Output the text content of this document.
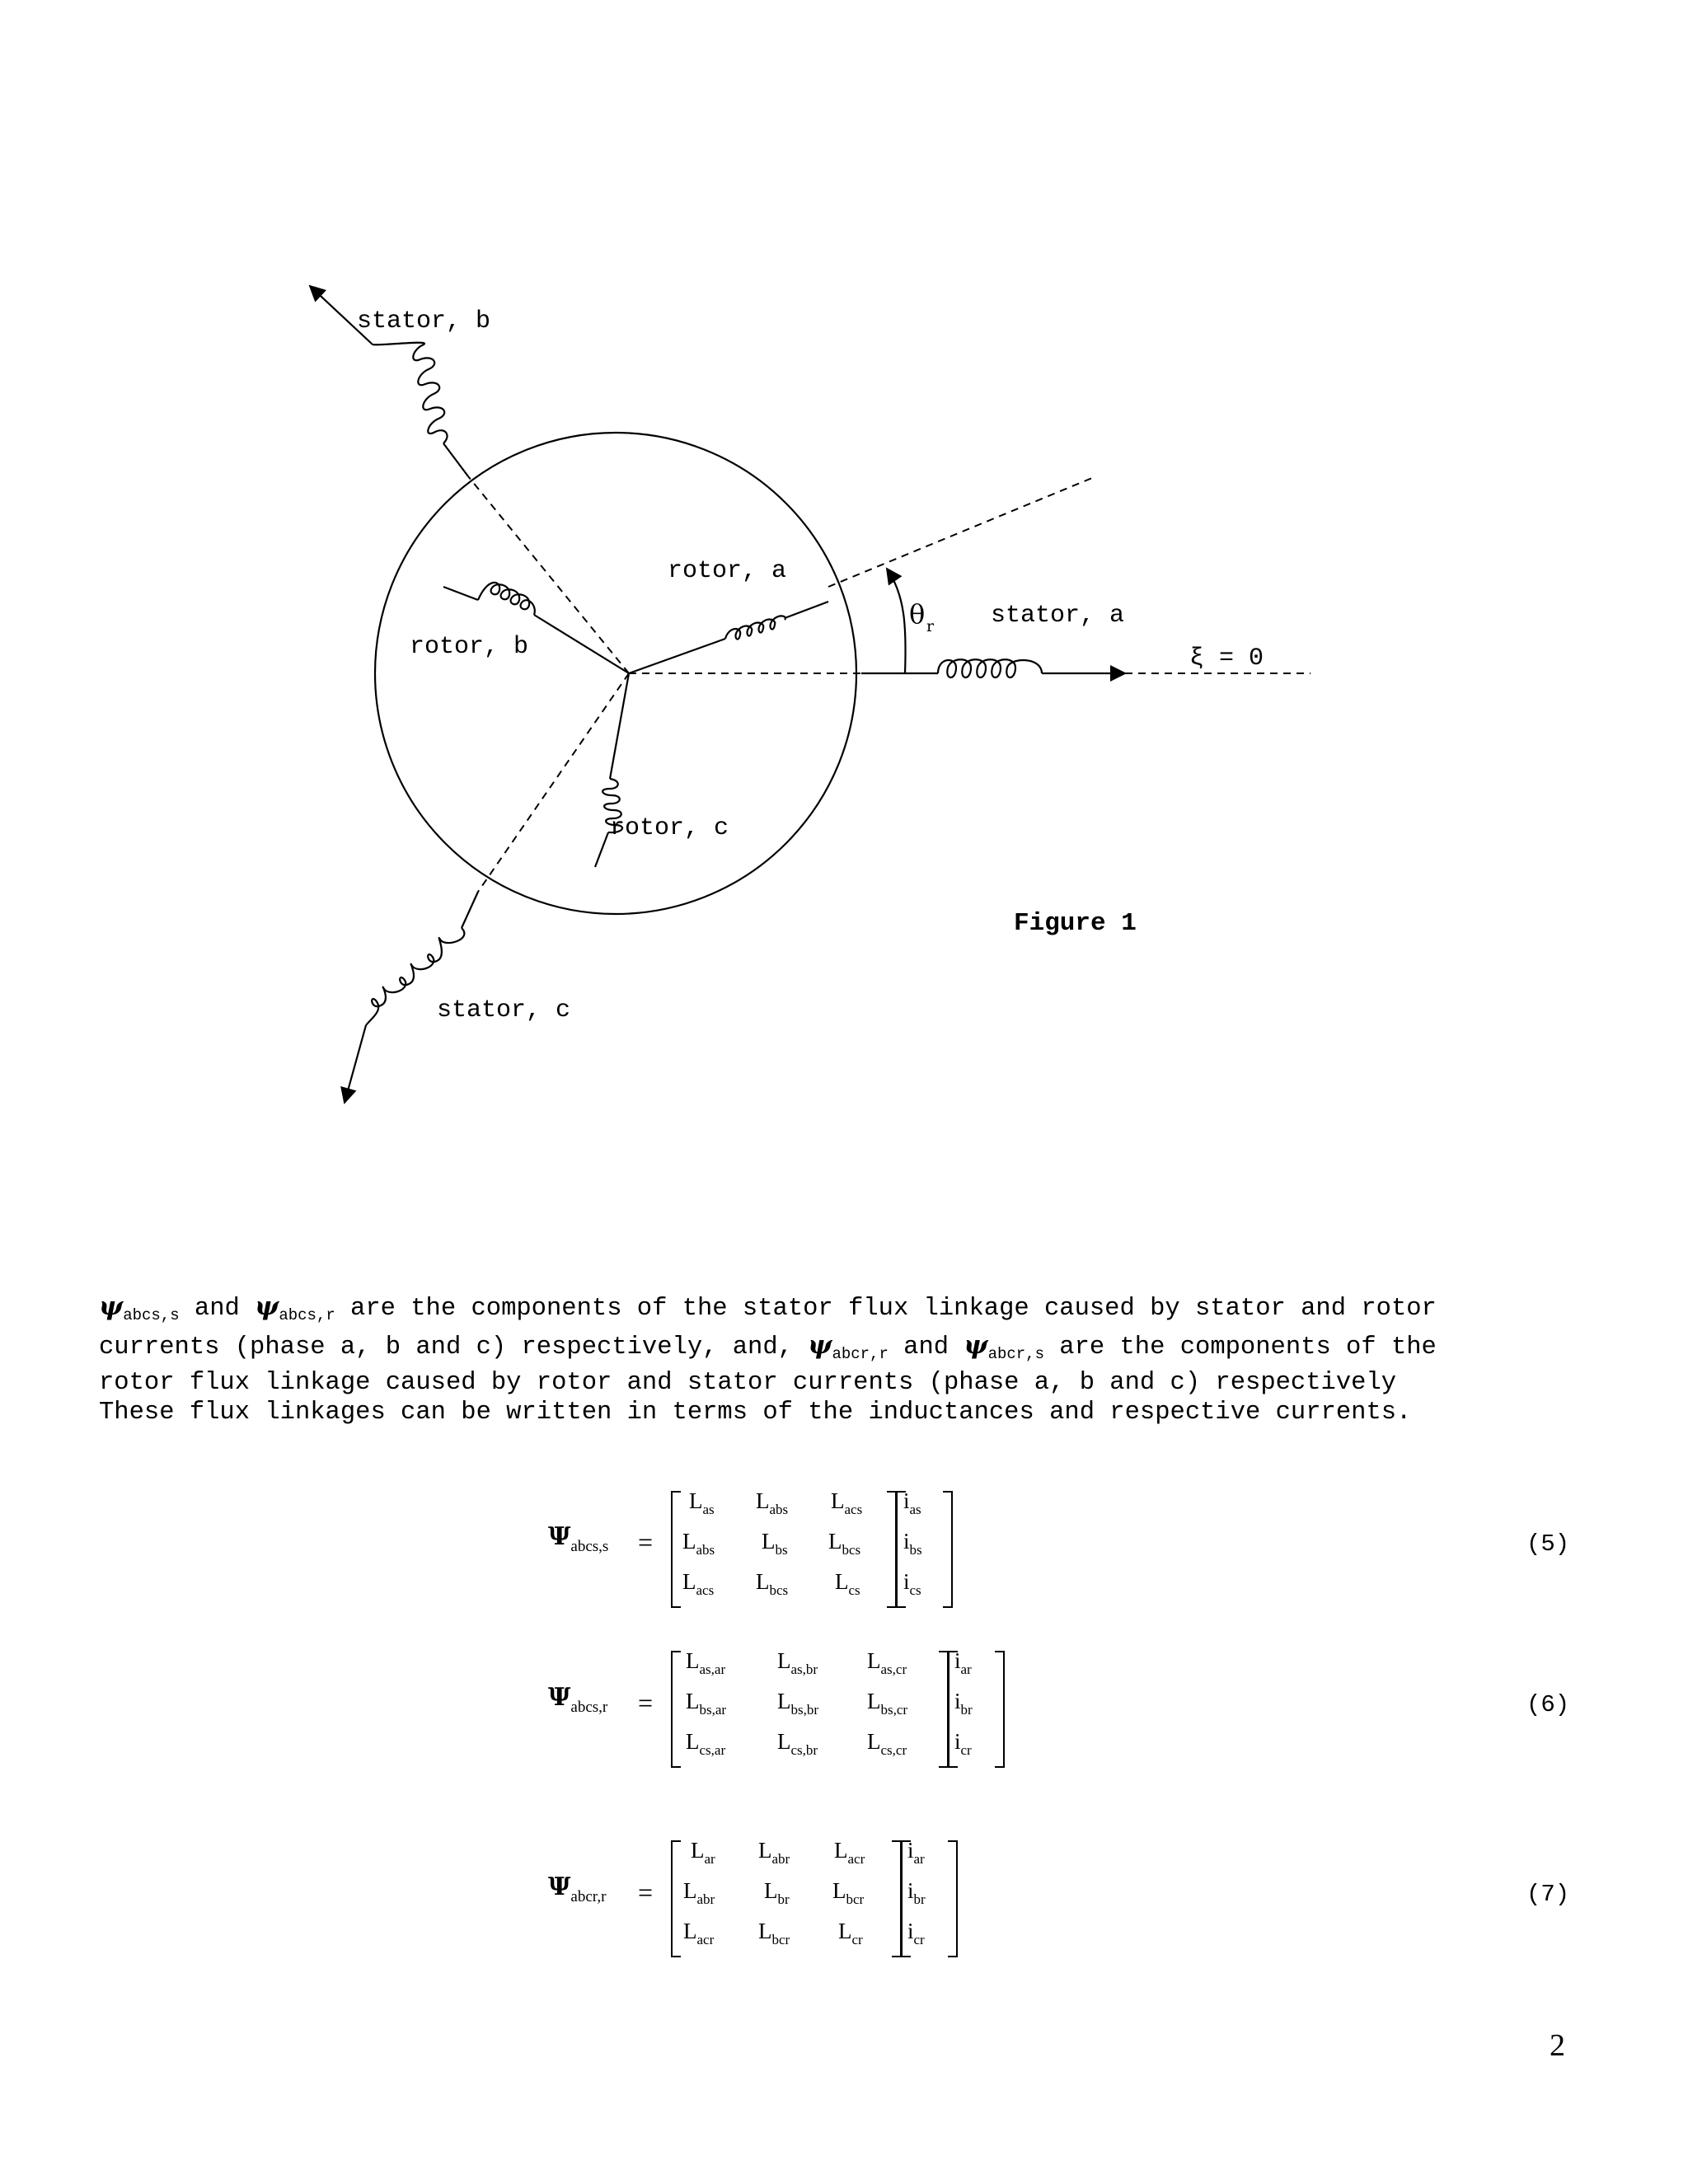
stator, b
rotor, a
rotor, b
rotor, c
stator, a
stator, c
θ r
ξ = 0
Figure 1
$\psi_{abcs,s}$ and $\psi_{abcs,r}$ are the components of the stator flux linkage caused by stator and rotor
currents (phase a, b and c) respectively, and, $\psi_{abcr,r}$ and $\psi_{abcr,s}$ are the components of the
rotor flux linkage caused by rotor and stator currents (phase a, b and c) respectively
These flux linkages can be written in terms of the inductances and respective currents.
$\Psi_{abcs,s}$ =
$L_{as}$ $L_{abs}$ $L_{acs}$
$L_{abs}$ $L_{bs}$ $L_{bcs}$
$L_{acs}$ $L_{bcs}$ $L_{cs}$
$i_{as}$
$i_{bs}$
$i_{cs}$
(5)
$\Psi_{abcs,r}$ =
$L_{as,ar}$ $L_{as,br}$ $L_{as,cr}$
$L_{bs,ar}$ $L_{bs,br}$ $L_{bs,cr}$
$L_{cs,ar}$ $L_{cs,br}$ $L_{cs,cr}$
$i_{ar}$
$i_{br}$
$i_{cr}$
(6)
$\Psi_{abcr,r}$ =
$L_{ar}$ $L_{abr}$ $L_{acr}$
$L_{abr}$ $L_{br}$ $L_{bcr}$
$L_{acr}$ $L_{bcr}$ $L_{cr}$
$i_{ar}$
$i_{br}$
$i_{cr}$
(7)
2
